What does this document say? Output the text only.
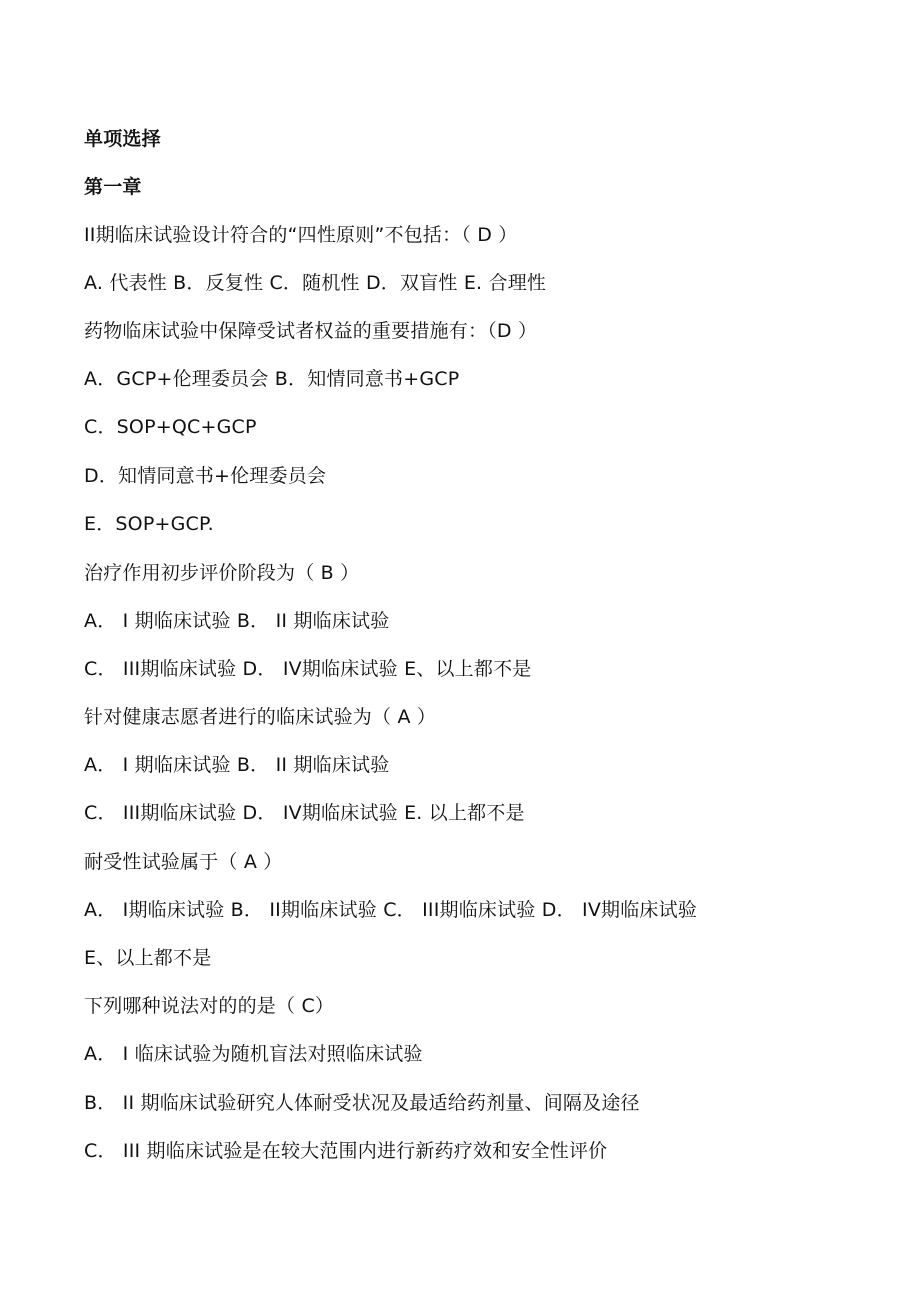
单项选择
第一章
II期临床试验设计符合的“四性原则”不包括：（ D ）
A. 代表性 B．反复性 C．随机性 D．双盲性 E. 合理性
药物临床试验中保障受试者权益的重要措施有：（D ）
A．GCP+伦理委员会 B．知情同意书+GCP
C．SOP+QC+GCP
D．知情同意书+伦理委员会
E．SOP+GCP.
治疗作用初步评价阶段为（ B ）
A． I 期临床试验 B． II 期临床试验
C． III期临床试验 D． IV期临床试验 E、以上都不是
针对健康志愿者进行的临床试验为（ A ）
A． I 期临床试验 B． II 期临床试验
C． III期临床试验 D． IV期临床试验 E. 以上都不是
耐受性试验属于（ A ）
A． I期临床试验 B． II期临床试验 C． III期临床试验 D． IV期临床试验
E、以上都不是
下列哪种说法对的的是（ C）
A． I 临床试验为随机盲法对照临床试验
B． II 期临床试验研究人体耐受状况及最适给药剂量、间隔及途径
C． III 期临床试验是在较大范围内进行新药疗效和安全性评价
